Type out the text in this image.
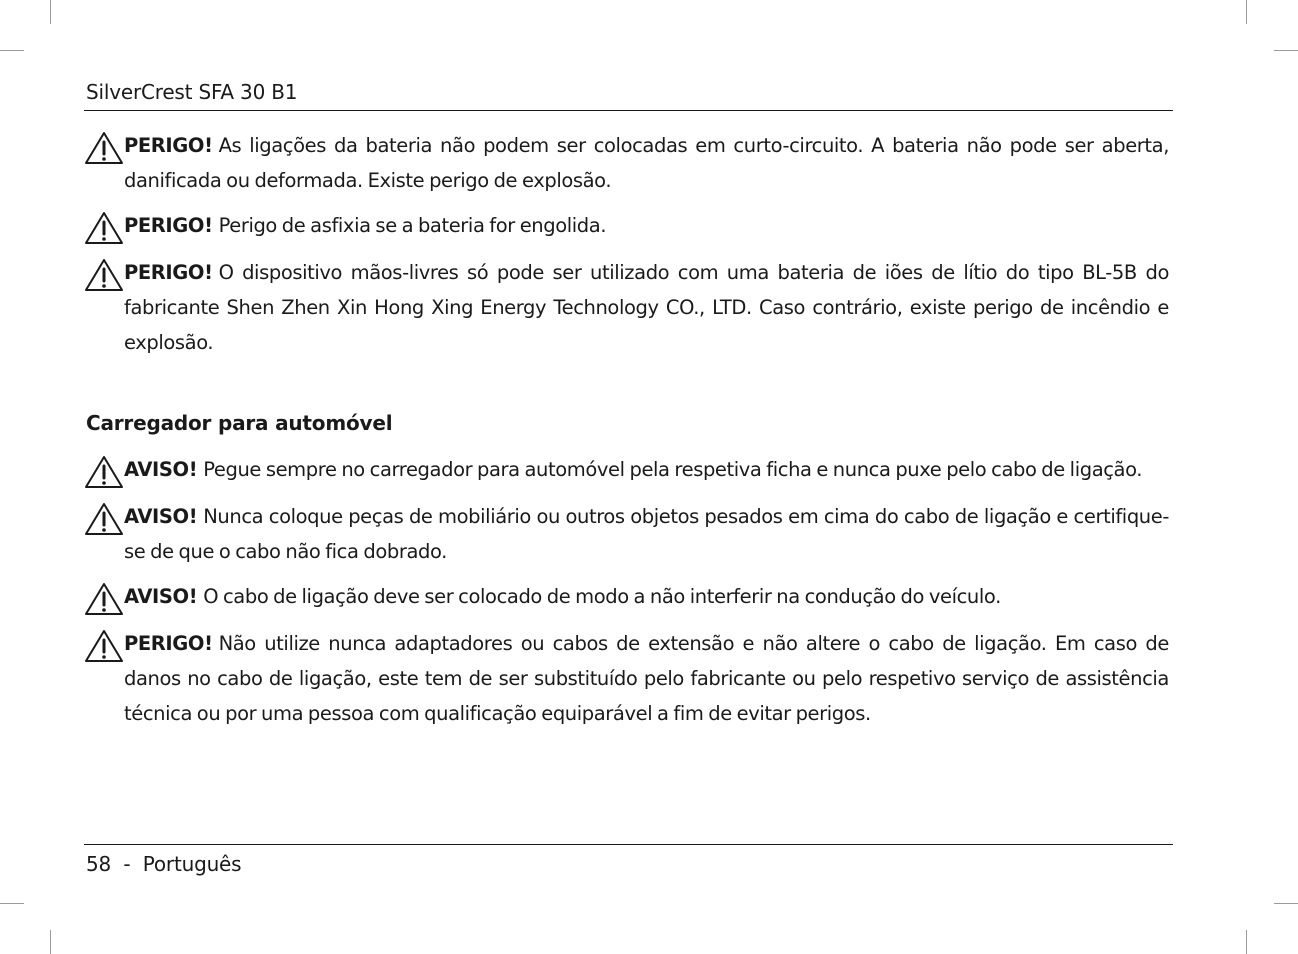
SilverCrest SFA 30 B1
PERIGO! As ligações da bateria não podem ser colocadas em curto-circuito. A bateria não pode ser aberta, danificada ou deformada. Existe perigo de explosão.
PERIGO! Perigo de asfixia se a bateria for engolida.
PERIGO! O dispositivo mãos-livres só pode ser utilizado com uma bateria de iões de lítio do tipo BL-5B do fabricante Shen Zhen Xin Hong Xing Energy Technology CO., LTD. Caso contrário, existe perigo de incêndio e explosão.
Carregador para automóvel
AVISO! Pegue sempre no carregador para automóvel pela respetiva ficha e nunca puxe pelo cabo de ligação.
AVISO! Nunca coloque peças de mobiliário ou outros objetos pesados em cima do cabo de ligação e certifique-se de que o cabo não fica dobrado.
AVISO! O cabo de ligação deve ser colocado de modo a não interferir na condução do veículo.
PERIGO! Não utilize nunca adaptadores ou cabos de extensão e não altere o cabo de ligação. Em caso de danos no cabo de ligação, este tem de ser substituído pelo fabricante ou pelo respetivo serviço de assistência técnica ou por uma pessoa com qualificação equiparável a fim de evitar perigos.
58 - Português
